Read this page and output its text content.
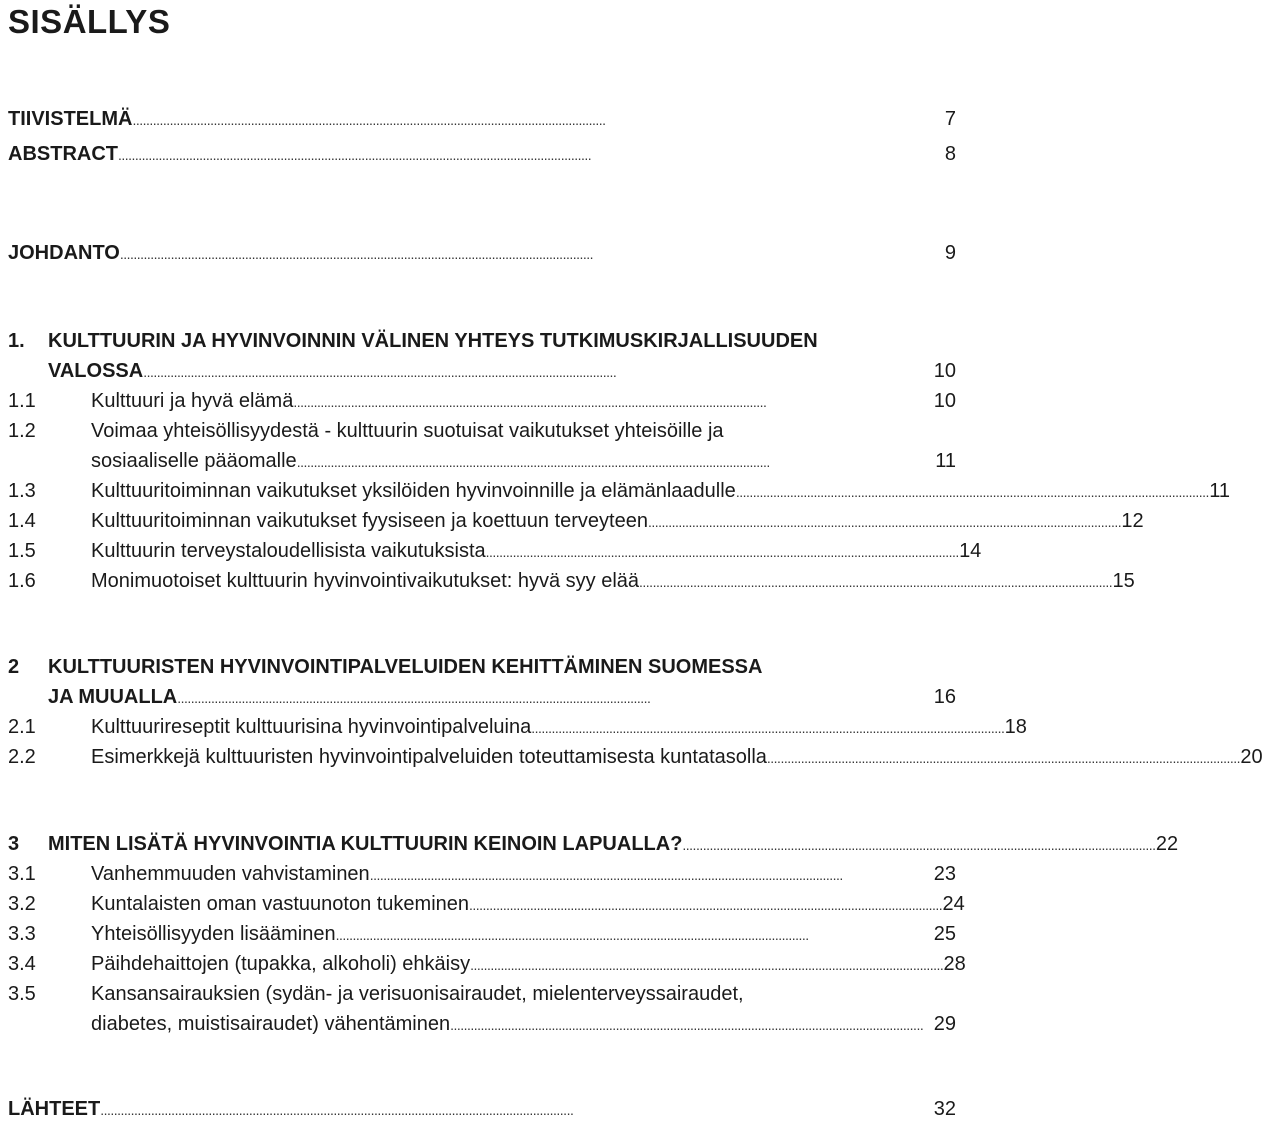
SISÄLLYS
TIIVISTELMÄ . . .	7
ABSTRACT . . .	8
JOHDANTO . . .	9
1.	KULTTUURIN JA HYVINVOINNIN VÄLINEN YHTEYS TUTKIMUSKIRJALLISUUDEN
VALOSSA . . .	10
1.1	Kulttuuri ja hyvä elämä . . .	10
1.2	Voimaa yhteisöllisyydestä - kulttuurin suotuisat vaikutukset yhteisöille ja
sosiaaliselle pääomalle . . .	11
1.3	Kulttuuritoiminnan vaikutukset yksilöiden hyvinvoinnille ja elämänlaadulle . . .	11
1.4	Kulttuuritoiminnan vaikutukset fyysiseen ja koettuun terveyteen . . .	12
1.5	Kulttuurin terveystaloudellisista vaikutuksista . . .	14
1.6	Monimuotoiset kulttuurin hyvinvointivaikutukset: hyvä syy elää . . .	15
2	KULTTUURISTEN HYVINVOINTIPALVELUIDEN KEHITTÄMINEN SUOMESSA
JA MUUALLA . . .	16
2.1	Kulttuurireseptit kulttuurisina hyvinvointipalveluina . . .	18
2.2	Esimerkkejä kulttuuristen hyvinvointipalveluiden toteuttamisesta kuntatasolla . . .	20
3	MITEN LISÄTÄ HYVINVOINTIA KULTTUURIN KEINOIN LAPUALLA? . . .	22
3.1	Vanhemmuuden vahvistaminen . . .	23
3.2	Kuntalaisten oman vastuunoton tukeminen . . .	24
3.3	Yhteisöllisyyden lisääminen . . .	25
3.4	Päihdehaittojen (tupakka, alkoholi) ehkäisy . . .	28
3.5	Kansansairauksien (sydän- ja verisuonisairaudet, mielenterveyssairaudet,
diabetes, muistisairaudet) vähentäminen . . .	29
LÄHTEET . . .	32
